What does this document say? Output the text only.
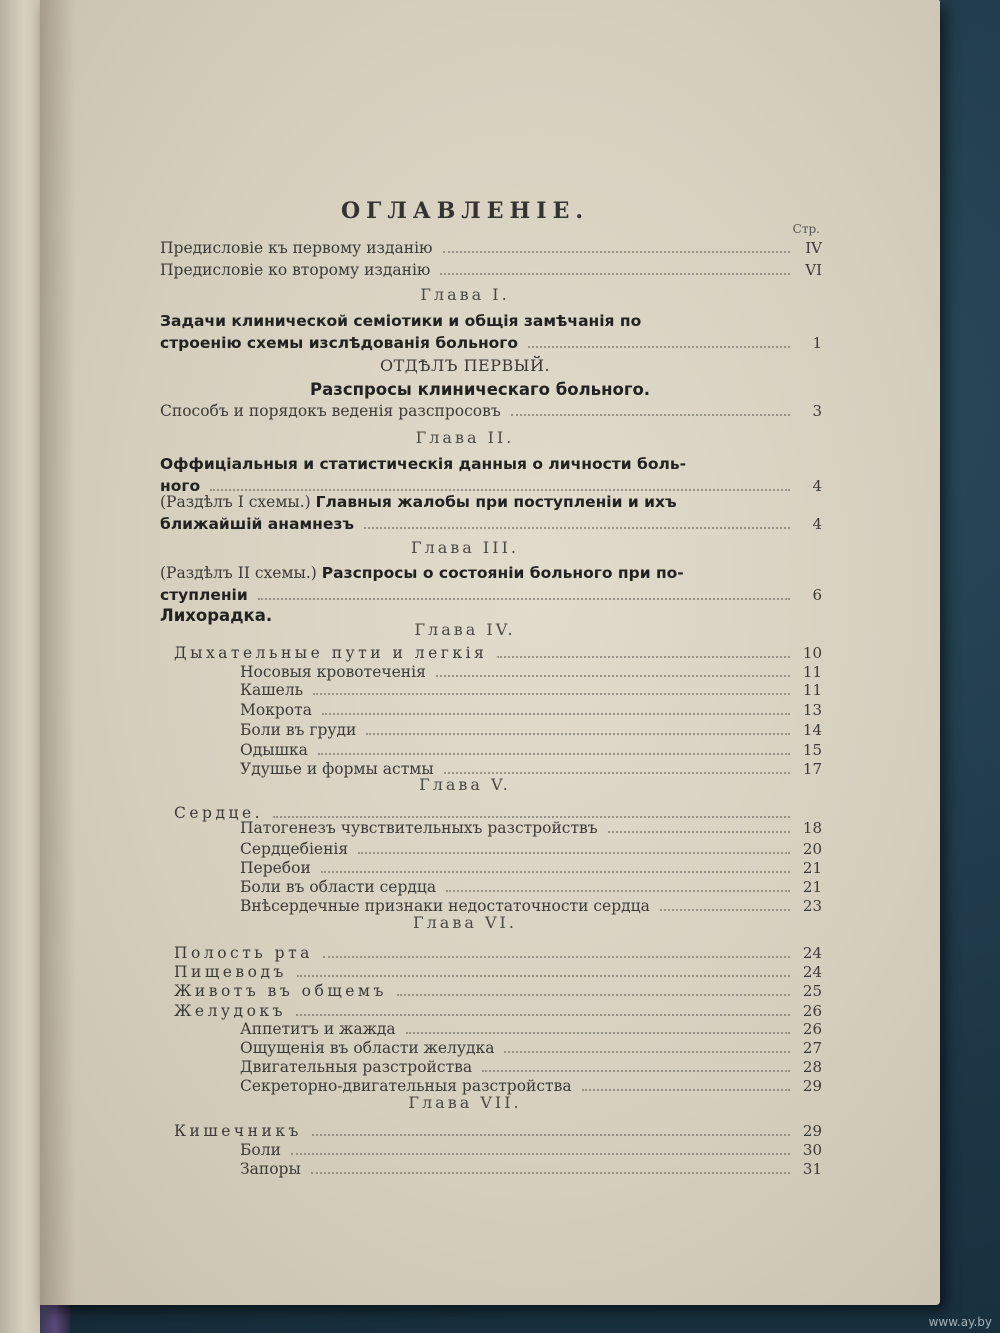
ОГЛАВЛЕНІЕ.
Стр.
Предисловіе къ первому изданію	IV
Предисловіе ко второму изданію	VI
Глава I.
Задачи клинической семіотики и общія замѣчанія по
строенію схемы изслѣдованія больного	1
ОТДѢЛЪ ПЕРВЫЙ.
Разспросы клиническаго больного.
Способъ и порядокъ веденія разспросовъ	3
Глава II.
Оффиціальныя и статистическія данныя о личности боль-
ного	4
(Раздѣлъ I схемы.) Главныя жалобы при поступленіи и ихъ
ближайшій анамнезъ	4
Глава III.
(Раздѣлъ II схемы.) Разспросы о состояніи больного при по-
ступленіи	6
Лихорадка.
Глава IV.
Дыхательные пути и легкія	10
Носовыя кровотеченія	11
Кашель	11
Мокрота	13
Боли въ груди	14
Одышка	15
Удушье и формы астмы	17
Глава V.
Сердце.
Патогенезъ чувствительныхъ разстройствъ	18
Сердцебіенія	20
Перебои	21
Боли въ области сердца	21
Внѣсердечные признаки недостаточности сердца	23
Глава VI.
Полость рта	24
Пищеводъ	24
Животъ въ общемъ	25
Желудокъ	26
Аппетитъ и жажда	26
Ощущенія въ области желудка	27
Двигательныя разстройства	28
Секреторно-двигательныя разстройства	29
Глава VII.
Кишечникъ	29
Боли	30
Запоры	31
www.ay.by
